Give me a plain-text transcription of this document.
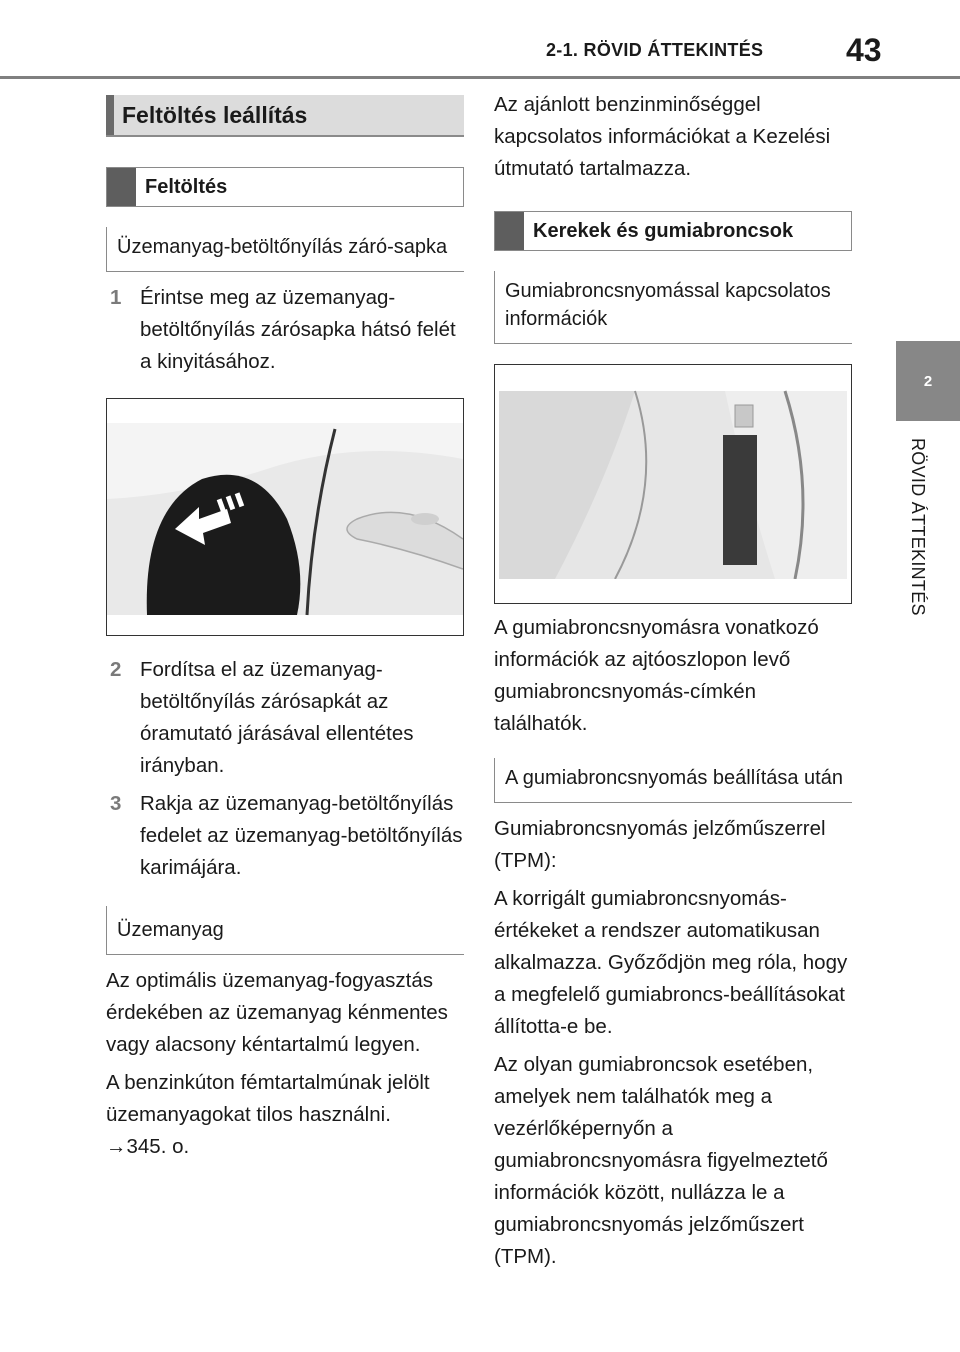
2-1. RÖVID ÁTTEKINTÉS	43
2
RÖVID ÁTTEKINTÉS
Feltöltés leállítás
Feltöltés
Üzemanyag-betöltőnyílás záró-sapka
1 Érintse meg az üzemanyag-betöltőnyílás zárósapka hátsó felét a kinyitásához.
2 Fordítsa el az üzemanyag-betöltőnyílás zárósapkát az óramutató járásával ellentétes irányban.
3 Rakja az üzemanyag-betöltőnyílás fedelet az üzemanyag-betöltőnyílás karimájára.
Üzemanyag

Az optimális üzemanyag-fogyasztás érdekében az üzemanyag kénmentes vagy alacsony kéntartalmú legyen.

A benzinkúton fémtartalmúnak jelölt üzemanyagokat tilos használni.

→345. o.

Az ajánlott benzinminőséggel kapcsolatos információkat a Kezelési útmutató tartalmazza.

Kerekek és gumiabroncsok
Gumiabroncsnyomással kapcsolatos információk

A gumiabroncsnyomásra vonatkozó információk az ajtóoszlopon levő gumiabroncsnyomás-címkén találhatók.

A gumiabroncsnyomás beállítása után

Gumiabroncsnyomás jelzőműszerrel (TPM):

A korrigált gumiabroncsnyomás-értékeket a rendszer automatikusan alkalmazza. Győződjön meg róla, hogy a megfelelő gumiabroncs-beállításokat állította-e be.

Az olyan gumiabroncsok esetében, amelyek nem találhatók meg a vezérlőképernyőn a gumiabroncsnyomásra figyelmeztető információk között, nullázza le a gumiabroncsnyomás jelzőműszert (TPM).
